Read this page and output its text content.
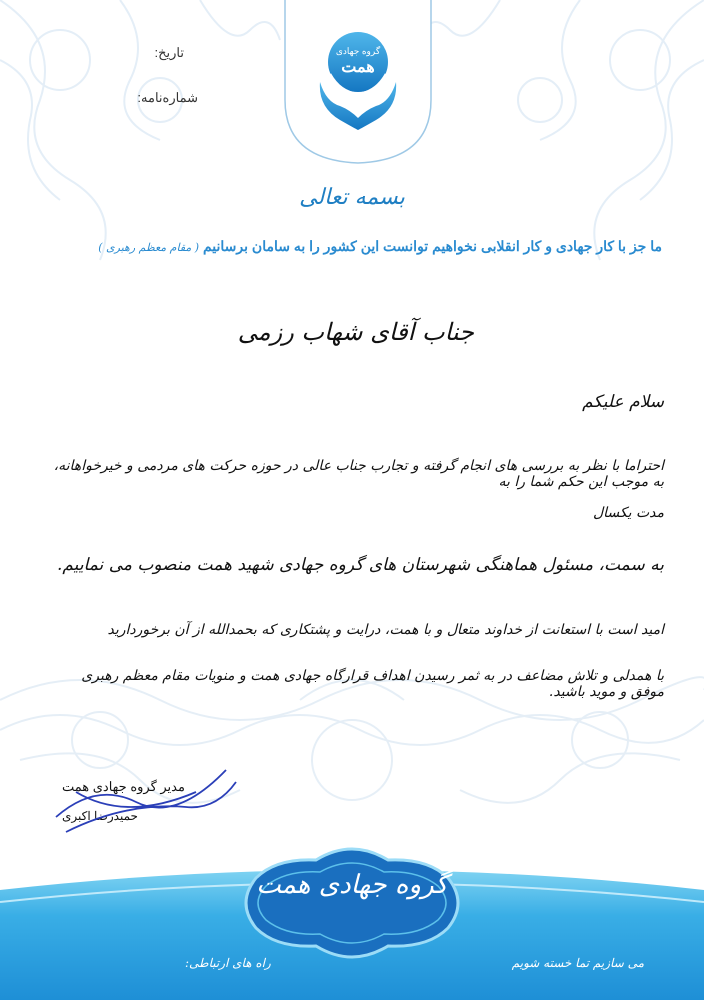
گروه جهادی
همت
تاریخ:
شماره‌نامه:
بسمه تعالی
ما جز با کار جهادی و کار انقلابی نخواهیم توانست این کشور را به سامان برسانیم ( مقام معظم رهبری )
جناب آقای شهاب رزمی
سلام علیکم
احتراما با نظر به بررسی های انجام گرفته و تجارب جناب عالی در حوزه حرکت های مردمی و خیرخواهانه، به موجب این حکم شما را به
مدت یکسال
به سمت، مسئول هماهنگی شهرستان های گروه جهادی شهید همت منصوب می نماییم.
امید است با استعانت از خداوند متعال و با همت، درایت و پشتکاری که بحمدالله از آن برخوردارید
با همدلی و تلاش مضاعف در به ثمر رسیدن اهداف قرارگاه جهادی همت و منویات مقام معظم رهبری موفق و موید باشید.
مدیر گروه جهادی همت
حمیدرضا اکبری
گروه جهادی همت
می سازیم تما خسته شویم
راه های ارتباطی:
